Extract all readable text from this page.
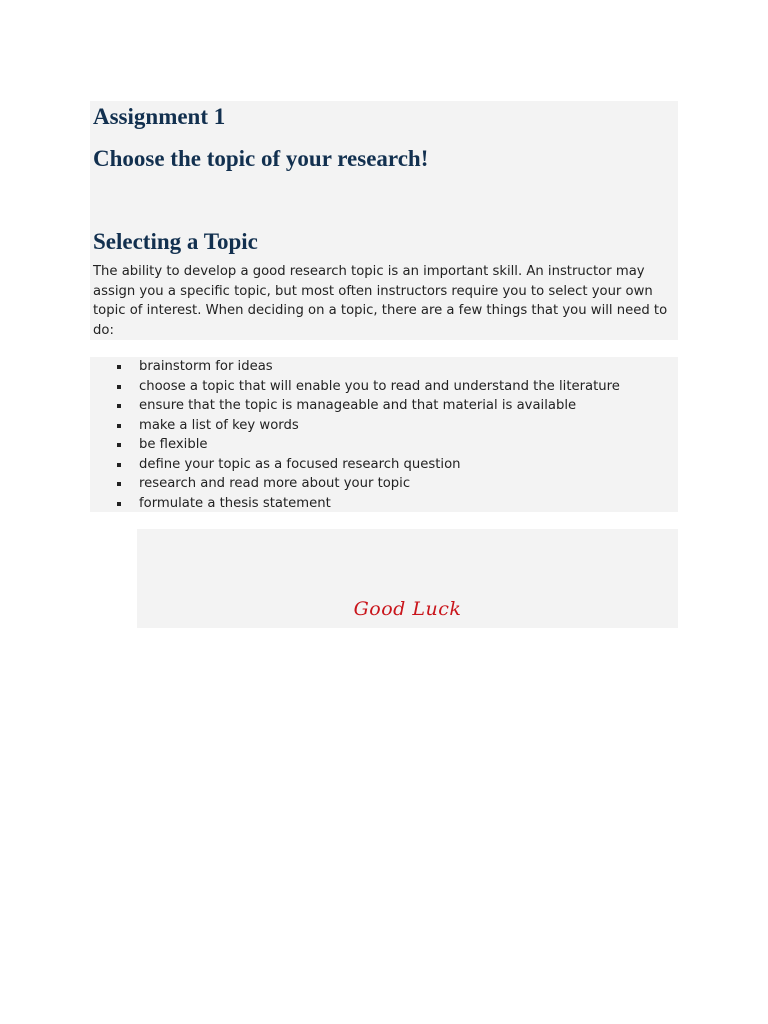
Assignment 1
Choose the topic of your research!
Selecting a Topic

The ability to develop a good research topic is an important skill. An instructor may assign you a specific topic, but most often instructors require you to select your own topic of interest. When deciding on a topic, there are a few things that you will need to do:

brainstorm for ideas
choose a topic that will enable you to read and understand the literature
ensure that the topic is manageable and that material is available
make a list of key words
be flexible
define your topic as a focused research question
research and read more about your topic
formulate a thesis statement

Good Luck
